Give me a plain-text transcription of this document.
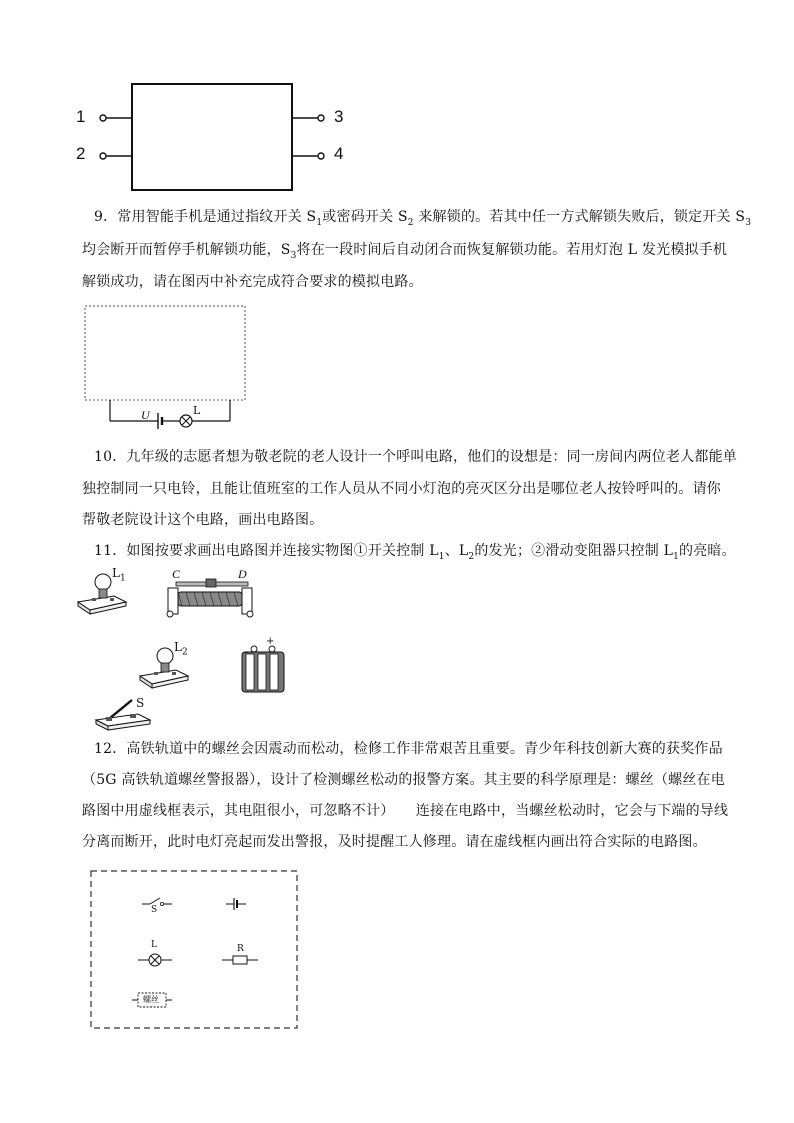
1
2
3
4
9．常用智能手机是通过指纹开关 $S_1$或密码开关 $S_2$ 来解锁的。若其中任一方式解锁失败后，锁定开关 $S_3$
均会断开而暂停手机解锁功能，$S_3$将在一段时间后自动闭合而恢复解锁功能。若用灯泡 L 发光模拟手机
解锁成功，请在图丙中补充完成符合要求的模拟电路。
U	L
10．九年级的志愿者想为敬老院的老人设计一个呼叫电路，他们的设想是：同一房间内两位老人都能单
独控制同一只电铃，且能让值班室的工作人员从不同小灯泡的亮灭区分出是哪位老人按铃呼叫的。请你
帮敬老院设计这个电路，画出电路图。
11．如图按要求画出电路图并连接实物图①开关控制 $L_1$、$L_2$的发光；②滑动变阻器只控制 $L_1$的亮暗。
$L_1$	C	D
$L_2$	-
+
S
12．高铁轨道中的螺丝会因震动而松动，检修工作非常艰苦且重要。青少年科技创新大赛的获奖作品
（5G 高铁轨道螺丝警报器），设计了检测螺丝松动的报警方案。其主要的科学原理是：螺丝（螺丝在电
路图中用虚线框表示，其电阻很小，可忽略不计）　　连接在电路中，当螺丝松动时，它会与下端的导线
分离而断开，此时电灯亮起而发出警报，及时提醒工人修理。请在虚线框内画出符合实际的电路图。
S
L	R
螺丝
